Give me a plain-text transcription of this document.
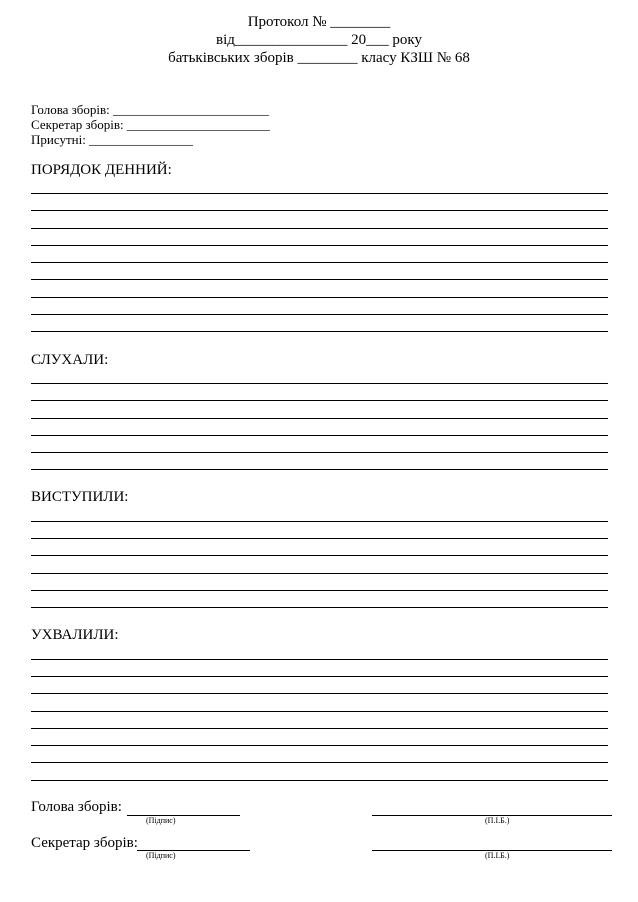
Протокол № ________
від_______________ 20___ року
батьківських зборів ________ класу КЗШ № 68
Голова зборів: ________________________
Секретар зборів: ______________________
Присутні: ________________
ПОРЯДОК ДЕННИЙ:
СЛУХАЛИ:
ВИСТУПИЛИ:
УХВАЛИЛИ:
Голова зборів:
(Підпис)	(П.І.Б.)
Секретар зборів:
(Підпис)	(П.І.Б.)
